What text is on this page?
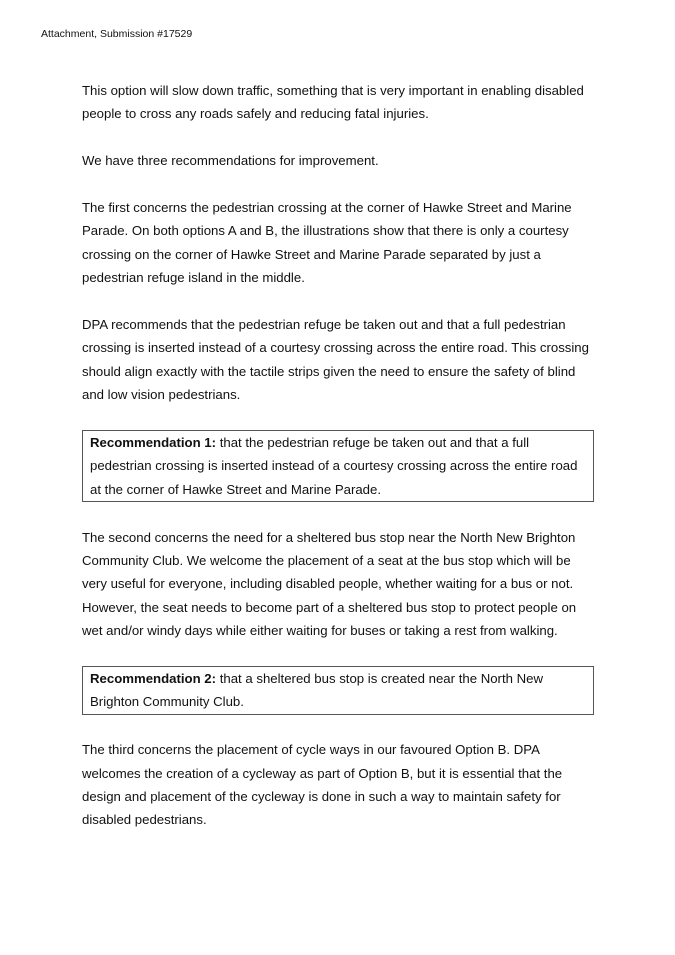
Attachment, Submission #17529

This option will slow down traffic, something that is very important in enabling disabled people to cross any roads safely and reducing fatal injuries.

We have three recommendations for improvement.

The first concerns the pedestrian crossing at the corner of Hawke Street and Marine Parade. On both options A and B, the illustrations show that there is only a courtesy crossing on the corner of Hawke Street and Marine Parade separated by just a pedestrian refuge island in the middle.

DPA recommends that the pedestrian refuge be taken out and that a full pedestrian crossing is inserted instead of a courtesy crossing across the entire road. This crossing should align exactly with the tactile strips given the need to ensure the safety of blind and low vision pedestrians.

Recommendation 1: that the pedestrian refuge be taken out and that a full pedestrian crossing is inserted instead of a courtesy crossing across the entire road at the corner of Hawke Street and Marine Parade.

The second concerns the need for a sheltered bus stop near the North New Brighton Community Club. We welcome the placement of a seat at the bus stop which will be very useful for everyone, including disabled people, whether waiting for a bus or not. However, the seat needs to become part of a sheltered bus stop to protect people on wet and/or windy days while either waiting for buses or taking a rest from walking.

Recommendation 2: that a sheltered bus stop is created near the North New Brighton Community Club.

The third concerns the placement of cycle ways in our favoured Option B. DPA welcomes the creation of a cycleway as part of Option B, but it is essential that the design and placement of the cycleway is done in such a way to maintain safety for disabled pedestrians.
